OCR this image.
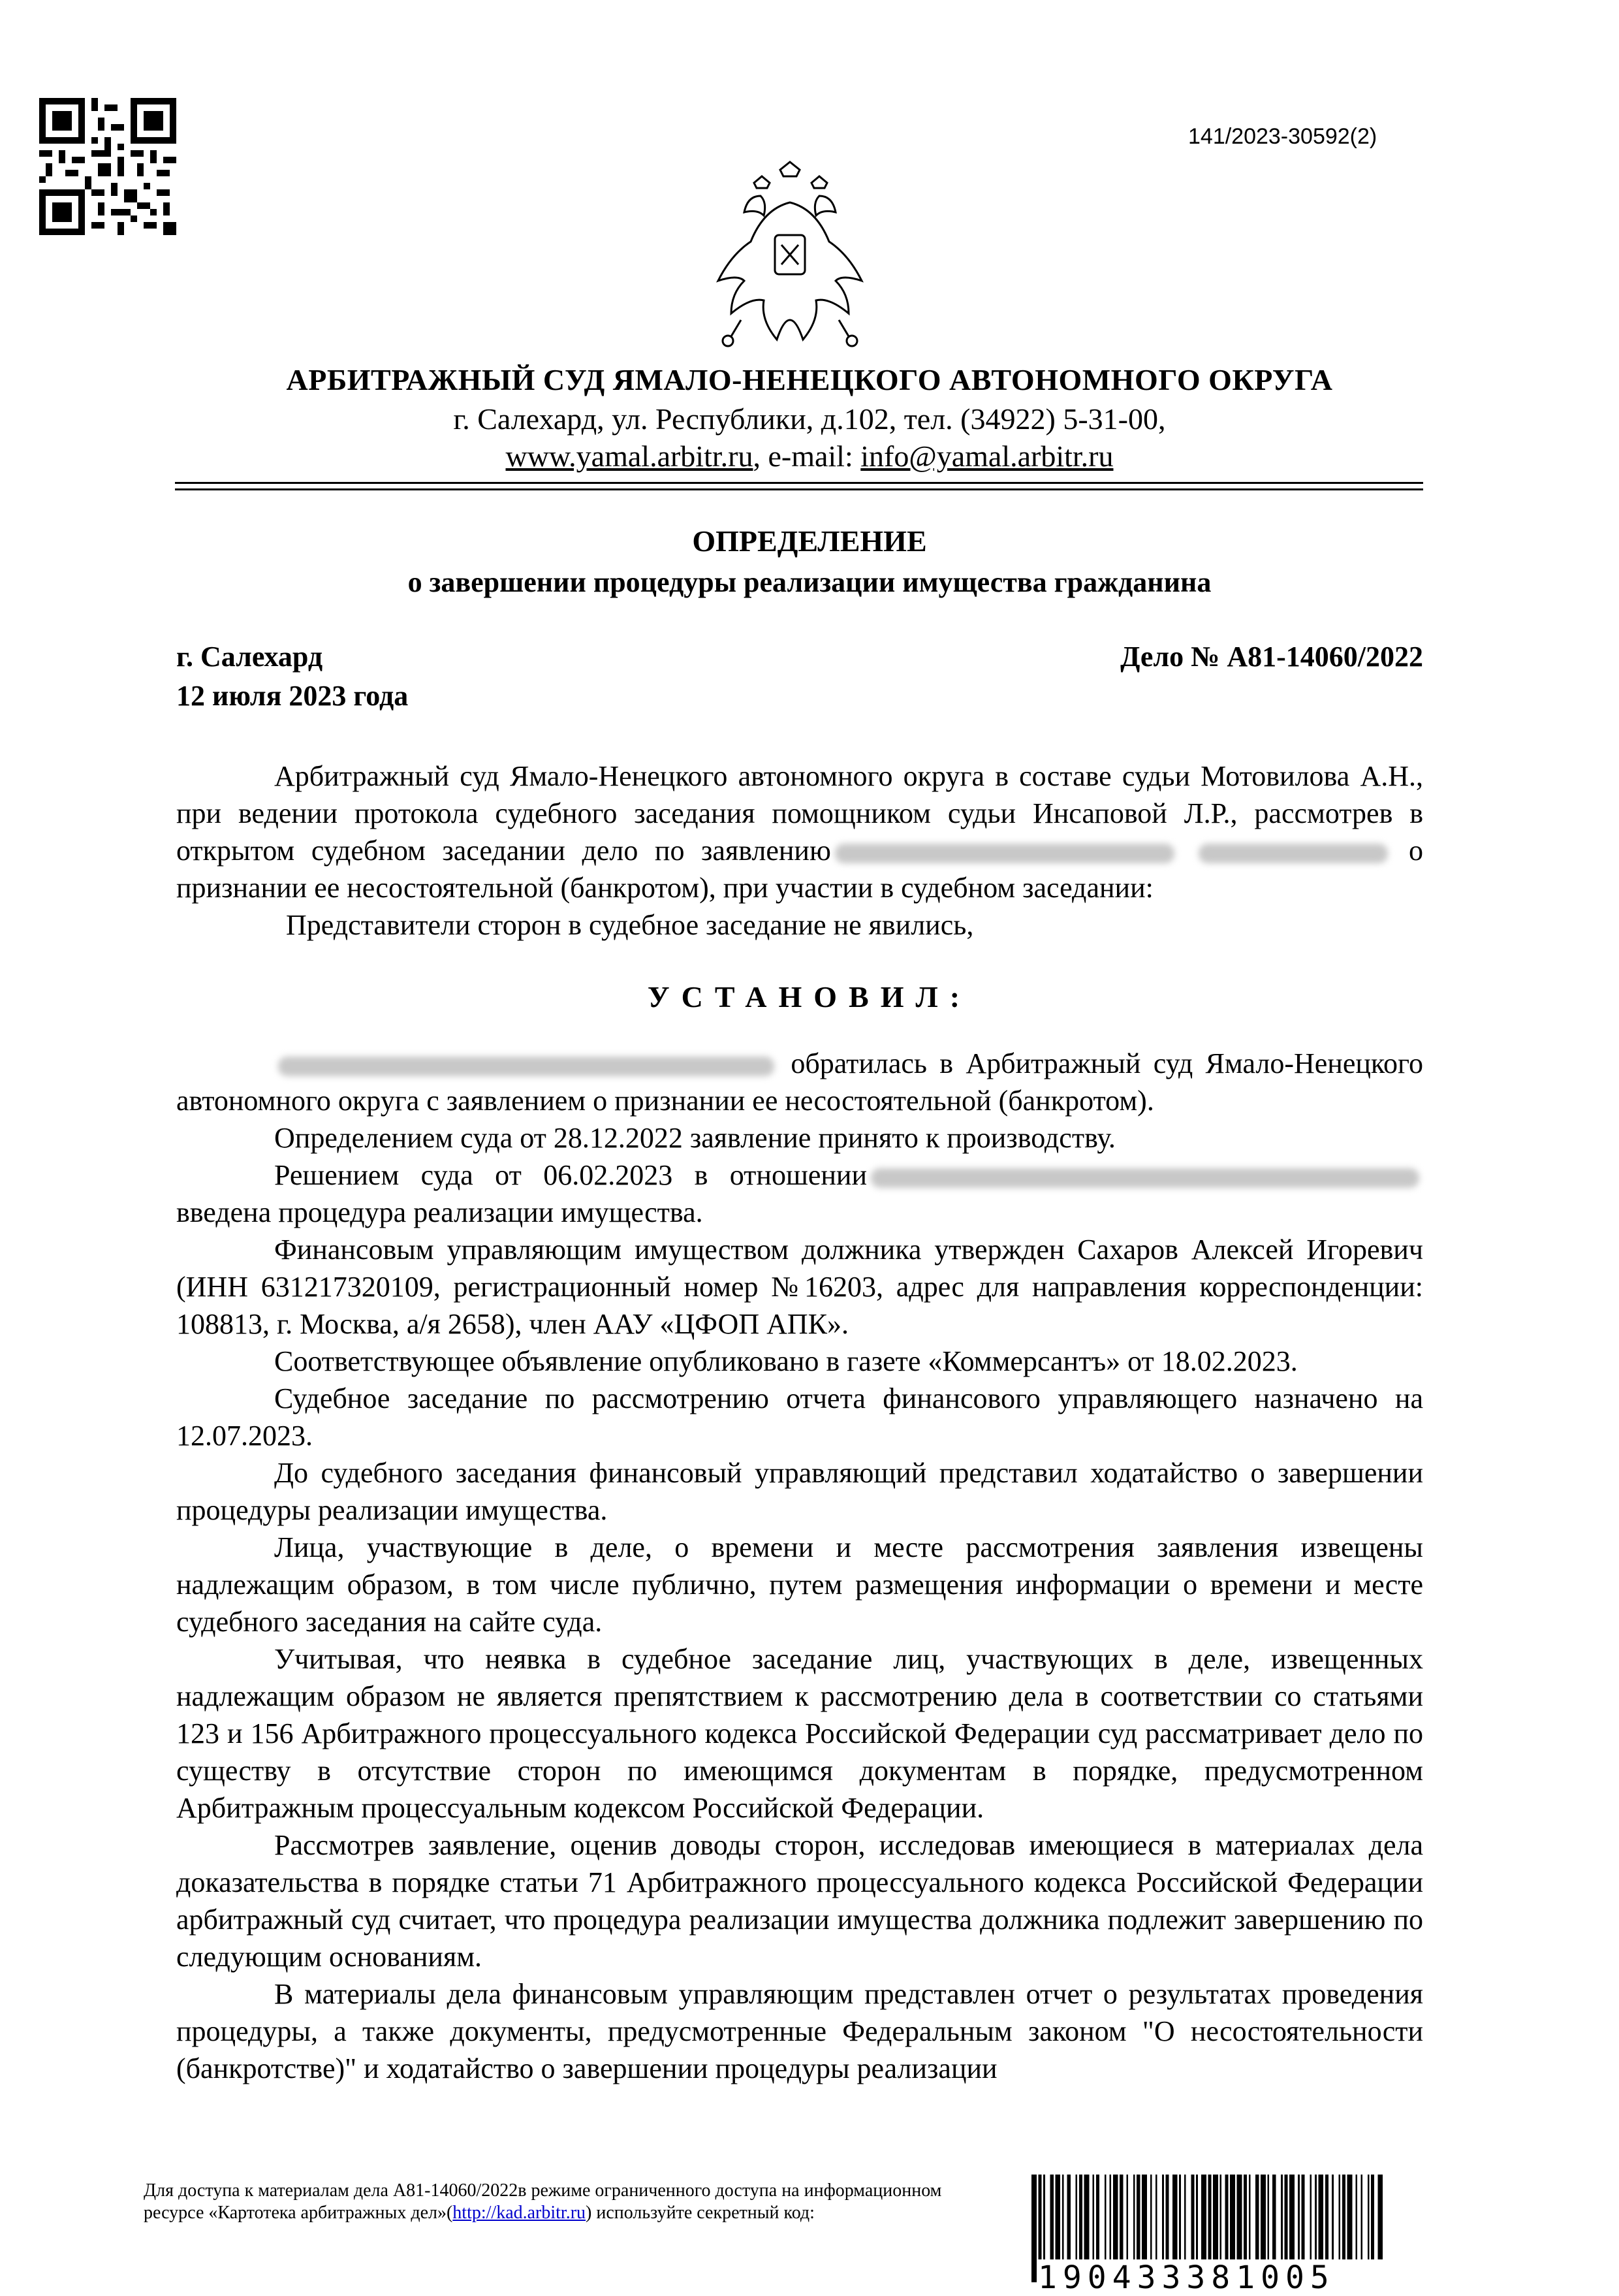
141/2023-30592(2)
АРБИТРАЖНЫЙ СУД ЯМАЛО-НЕНЕЦКОГО АВТОНОМНОГО ОКРУГА
г. Салехард, ул. Республики, д.102, тел. (34922) 5-31-00,
www.yamal.arbitr.ru, e-mail: info@yamal.arbitr.ru
ОПРЕДЕЛЕНИЕ
о завершении процедуры реализации имущества гражданина
г. Салехард
12 июля 2023 года
Дело № А81-14060/2022

Арбитражный суд Ямало-Ненецкого автономного округа в составе судьи Мотовилова А.Н., при ведении протокола судебного заседания помощником судьи Инсаповой Л.Р., рассмотрев в открытом судебном заседании дело по заявлению	о признании ее несостоятельной (банкротом), при участии в судебном заседании:

Представители сторон в судебное заседание не явились,

УСТАНОВИЛ:

обратилась в Арбитражный суд Ямало-Ненецкого автономного округа с заявлением о признании ее несостоятельной (банкротом).

Определением суда от 28.12.2022 заявление принято к производству.

Решением суда от 06.02.2023 в отношении введена процедура реализации имущества.

Финансовым управляющим имуществом должника утвержден Сахаров Алексей Игоревич (ИНН 631217320109, регистрационный номер №16203, адрес для направления корреспонденции: 108813, г. Москва, а/я 2658), член ААУ «ЦФОП АПК».

Соответствующее объявление опубликовано в газете «Коммерсантъ» от 18.02.2023.

Судебное заседание по рассмотрению отчета финансового управляющего назначено на 12.07.2023.

До судебного заседания финансовый управляющий представил ходатайство о завершении процедуры реализации имущества.

Лица, участвующие в деле, о времени и месте рассмотрения заявления извещены надлежащим образом, в том числе публично, путем размещения информации о времени и месте судебного заседания на сайте суда.

Учитывая, что неявка в судебное заседание лиц, участвующих в деле, извещенных надлежащим образом не является препятствием к рассмотрению дела в соответствии со статьями 123 и 156 Арбитражного процессуального кодекса Российской Федерации суд рассматривает дело по существу в отсутствие сторон по имеющимся документам в порядке, предусмотренном Арбитражным процессуальным кодексом Российской Федерации.

Рассмотрев заявление, оценив доводы сторон, исследовав имеющиеся в материалах дела доказательства в порядке статьи 71 Арбитражного процессуального кодекса Российской Федерации арбитражный суд считает, что процедура реализации имущества должника подлежит завершению по следующим основаниям.

В материалы дела финансовым управляющим представлен отчет о результатах проведения процедуры, а также документы, предусмотренные Федеральным законом "О несостоятельности (банкротстве)" и ходатайство о завершении процедуры реализации

Для доступа к материалам дела А81-14060/2022в режиме ограниченного доступа на информационном ресурсе «Картотека арбитражных дел»(http://kad.arbitr.ru) используйте секретный код:
190433381005
